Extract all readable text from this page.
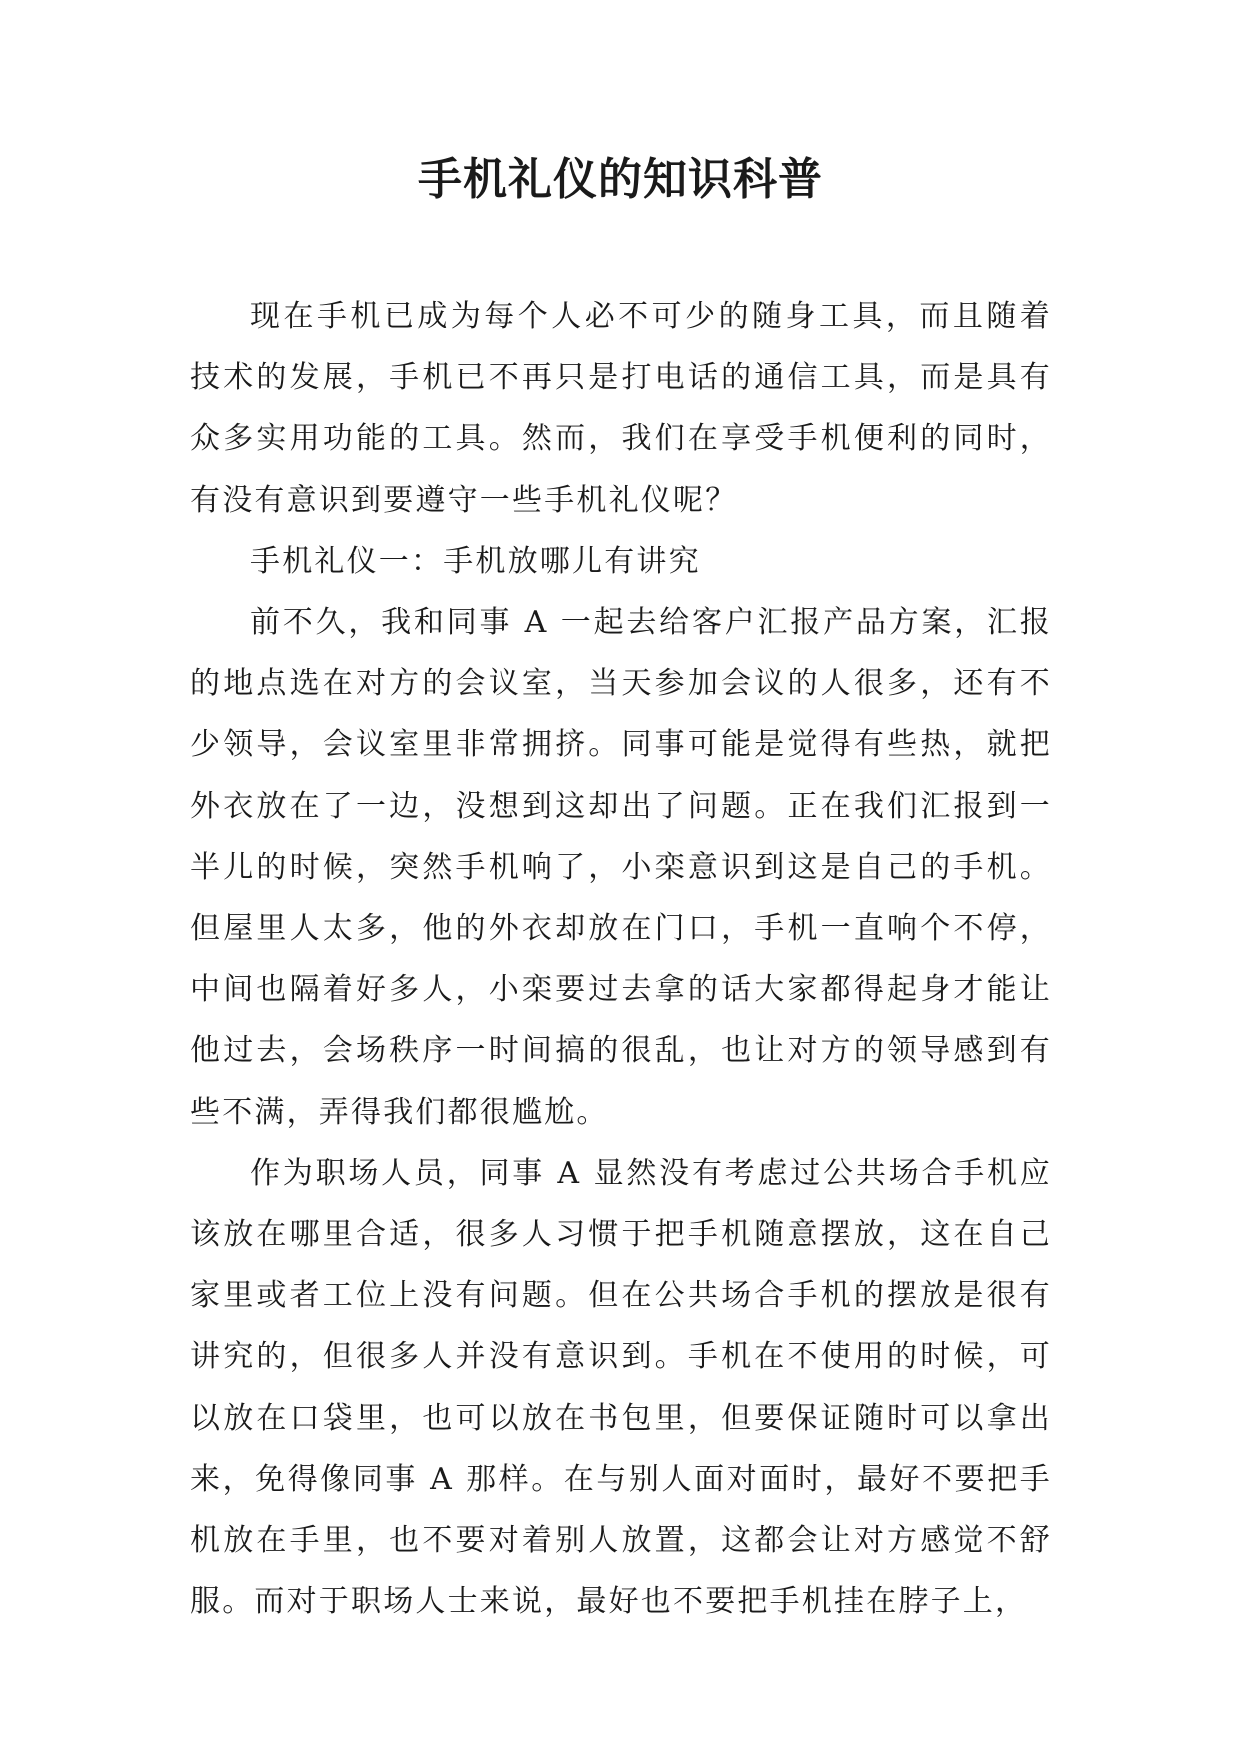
手机礼仪的知识科普

现在手机已成为每个人必不可少的随身工具，而且随着技术的发展，手机已不再只是打电话的通信工具，而是具有众多实用功能的工具。然而，我们在享受手机便利的同时，有没有意识到要遵守一些手机礼仪呢？

手机礼仪一：手机放哪儿有讲究

前不久，我和同事 A 一起去给客户汇报产品方案，汇报的地点选在对方的会议室，当天参加会议的人很多，还有不少领导，会议室里非常拥挤。同事可能是觉得有些热，就把外衣放在了一边，没想到这却出了问题。正在我们汇报到一半儿的时候，突然手机响了，小栾意识到这是自己的手机。但屋里人太多，他的外衣却放在门口，手机一直响个不停，中间也隔着好多人，小栾要过去拿的话大家都得起身才能让他过去，会场秩序一时间搞的很乱，也让对方的领导感到有些不满，弄得我们都很尴尬。

作为职场人员，同事 A 显然没有考虑过公共场合手机应该放在哪里合适，很多人习惯于把手机随意摆放，这在自己家里或者工位上没有问题。但在公共场合手机的摆放是很有讲究的，但很多人并没有意识到。手机在不使用的时候，可以放在口袋里，也可以放在书包里，但要保证随时可以拿出来，免得像同事 A 那样。在与别人面对面时，最好不要把手机放在手里，也不要对着别人放置，这都会让对方感觉不舒服。而对于职场人士来说，最好也不要把手机挂在脖子上，
